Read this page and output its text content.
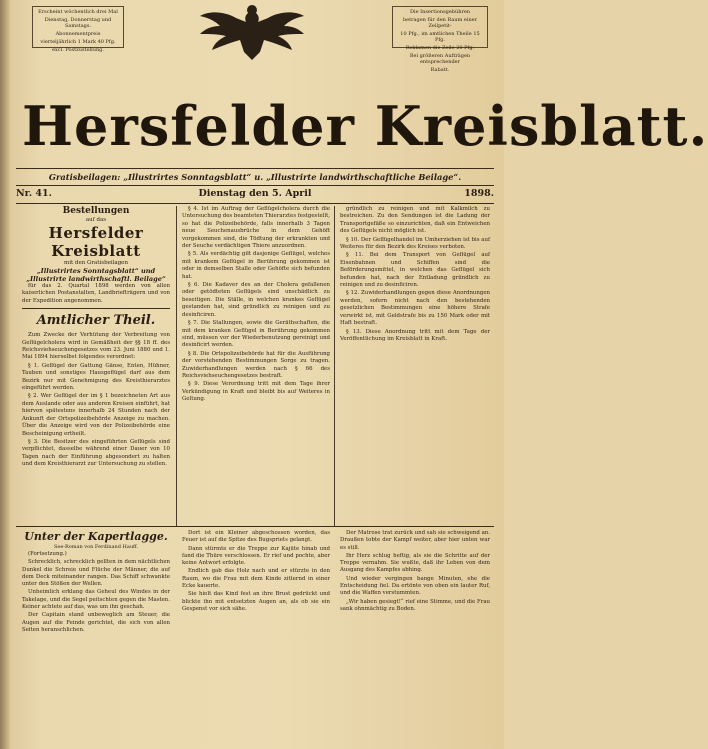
Erscheint wöchentlich drei Mal

Dienstag, Donnerstag und Samstags.

Abonnementpreis

vierteljährlich 1 Mark 40 Pfg.

excl. Postzustellung.

Die Insertionsgebühren

betragen für den Raum einer Zeilpetit-

10 Pfg., im amtlichen Theile 15 Pfg.

Reklamen die Zeile 20 Pfg.

Bei größeren Aufträgen entsprechender

Rabatt.

Hersfelder Kreisblatt.
Gratisbeilagen: „Illustrirtes Sonntagsblatt“ u. „Illustrirte landwirthschaftliche Beilage“.
Nr. 41.	Dienstag den 5. April	1898.
Bestellungen
auf das
Hersfelder Kreisblatt
mit den Gratisbeilagen
„Illustrirtes Sonntagsblatt“ und „Illustrirte landwirthschaftl. Beilage“

für das 2. Quartal 1898 werden von allen kaiserlichen Postanstalten, Landbriefträgern und von der Expedition angenommen.

Amtlicher Theil.

Zum Zwecke der Verhütung der Verbreitung von Geflügelcholera wird in Gemäßheit der §§ 18 ff. des Reichsviehseuchengesetzes vom 23. Juni 1880 und 1. Mai 1894 hierselbst folgendes verordnet:

§ 1. Geflügel der Gattung Gänse, Enten, Hühner, Tauben und sonstiges Hausgeflügel darf aus dem Bezirk nur mit Genehmigung des Kreisthierarztes eingeführt werden.

§ 2. Wer Geflügel der im § 1 bezeichneten Art aus dem Auslande oder aus anderen Kreisen einführt, hat hiervon spätestens innerhalb 24 Stunden nach der Ankunft der Ortspolizeibehörde Anzeige zu machen. Über die Anzeige wird von der Polizeibehörde eine Bescheinigung ertheilt.

§ 3. Die Besitzer des eingeführten Geflügels sind verpflichtet, dasselbe während einer Dauer von 10 Tagen nach der Einführung abgesondert zu halten und dem Kreisthierarzt zur Untersuchung zu stellen.

§ 4. Ist im Auftrag der Geflügelcholera durch die Untersuchung des beamteten Thierarztes festgestellt, so hat die Polizeibehörde, falls innerhalb 3 Tagen neue Seuchenausbrüche in dem Gehöft vorgekommen sind, die Tödtung der erkrankten und der Seuche verdächtigen Thiere anzuordnen.

§ 5. Als verdächtig gilt dasjenige Geflügel, welches mit krankem Geflügel in Berührung gekommen ist oder in demselben Stalle oder Gehöfte sich befunden hat.

§ 6. Die Kadaver des an der Cholera gefallenen oder getödteten Geflügels sind unschädlich zu beseitigen. Die Ställe, in welchen krankes Geflügel gestanden hat, sind gründlich zu reinigen und zu desinficiren.

§ 7. Die Stallungen, sowie die Geräthschaften, die mit dem kranken Geflügel in Berührung gekommen sind, müssen vor der Wiederbenutzung gereinigt und desinficirt werden.

§ 8. Die Ortspolizeibehörde hat für die Ausführung der vorstehenden Bestimmungen Sorge zu tragen. Zuwiderhandlungen werden nach § 66 des Reichsviehseuchengesetzes bestraft.

§ 9. Diese Verordnung tritt mit dem Tage ihrer Verkündigung in Kraft und bleibt bis auf Weiteres in Geltung.

gründlich zu reinigen und mit Kalkmilch zu bestreichen. Zu den Sendungen ist die Ladung der Transportgefäße so einzurichten, daß ein Entweichen des Geflügels nicht möglich ist.

§ 10. Der Geflügelhandel im Umherziehen ist bis auf Weiteres für den Bezirk des Kreises verboten.

§ 11. Bei dem Transport von Geflügel auf Eisenbahnen und Schiffen sind die Beförderungsmittel, in welchen das Geflügel sich befunden hat, nach der Entladung gründlich zu reinigen und zu desinficiren.

§ 12. Zuwiderhandlungen gegen diese Anordnungen werden, sofern nicht nach den bestehenden gesetzlichen Bestimmungen eine höhere Strafe verwirkt ist, mit Geldstrafe bis zu 150 Mark oder mit Haft bestraft.

§ 13. Diese Anordnung tritt mit dem Tage der Veröffentlichung im Kreisblatt in Kraft.

Unter der Kapertlagge.
See-Roman von Ferdinand Hauff.

(Fortsetzung.)

Schrecklich, schrecklich gellten in dem nächtlichen Dunkel die Schreie und Flüche der Männer, die auf dem Deck miteinander rangen. Das Schiff schwankte unter den Stößen der Wellen.

Unheimlich erklang das Geheul des Windes in der Takelage, und die Segel peitschten gegen die Masten. Keiner achtete auf das, was um ihn geschah.

Der Capitain stand unbeweglich am Steuer, die Augen auf die Feinde gerichtet, die sich von allen Seiten heranschlichen.

Dort ist ein Kleiner abgeschossen worden, das Feuer ist auf die Spitze des Bugspriets gelangt.

Dann stürmte er die Treppe zur Kajüte hinab und fand die Thüre verschlossen. Er rief und pochte, aber keine Antwort erfolgte.

Endlich gab das Holz nach und er stürzte in den Raum, wo die Frau mit dem Kinde zitternd in einer Ecke kauerte.

Sie hielt das Kind fest an ihre Brust gedrückt und blickte ihn mit entsetzten Augen an, als ob sie ein Gespenst vor sich sähe.

Der Matrose trat zurück und sah sie schweigend an. Draußen tobte der Kampf weiter, aber hier unten war es still.

Ihr Herz schlug heftig, als sie die Schritte auf der Treppe vernahm. Sie wußte, daß ihr Leben von dem Ausgang des Kampfes abhing.

Und wieder vergingen bange Minuten, ehe die Entscheidung fiel. Da ertönte von oben ein lauter Ruf, und die Waffen verstummten.

„Wir haben gesiegt!“ rief eine Stimme, und die Frau sank ohnmächtig zu Boden.
